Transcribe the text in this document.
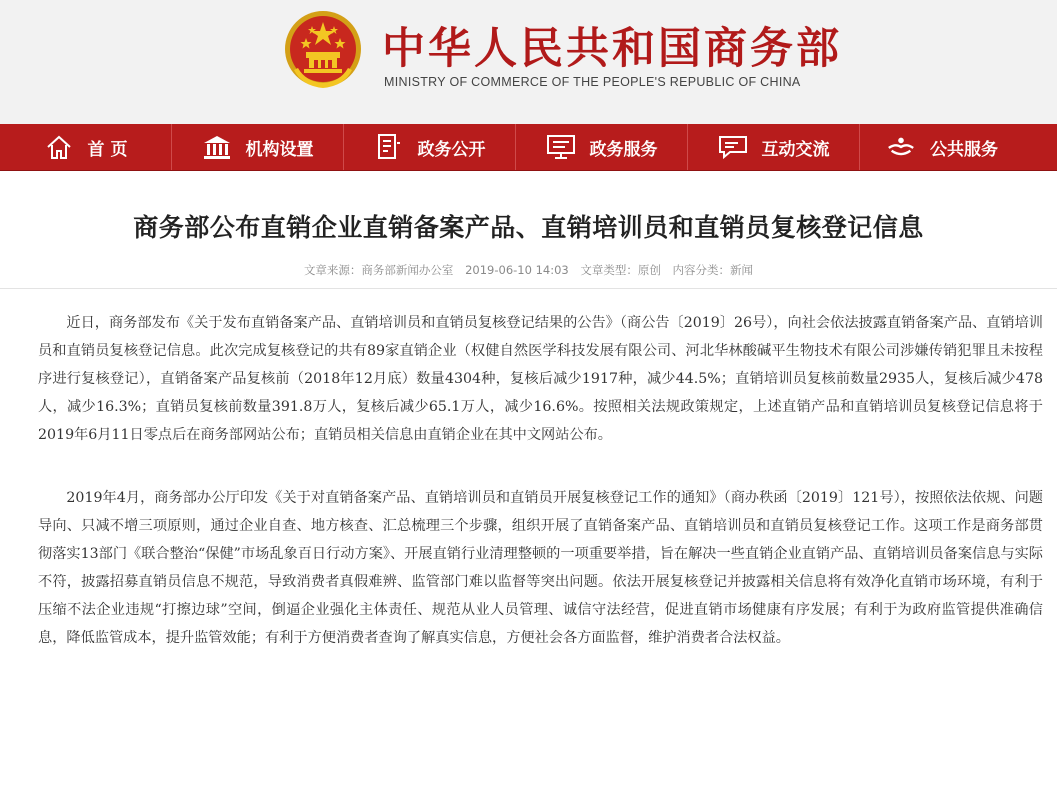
中华人民共和国商务部
MINISTRY OF COMMERCE OF THE PEOPLE'S REPUBLIC OF CHINA
首 页	机构设置	政务公开	政务服务	互动交流	公共服务
商务部公布直销企业直销备案产品、直销培训员和直销员复核登记信息
文章来源：商务部新闻办公室 2019-06-10 14:03 文章类型：原创 内容分类：新闻

近日，商务部发布《关于发布直销备案产品、直销培训员和直销员复核登记结果的公告》（商公告〔2019〕26号），向社会依法披露直销备案产品、直销培训员和直销员复核登记信息。此次完成复核登记的共有89家直销企业（权健自然医学科技发展有限公司、河北华林酸碱平生物技术有限公司涉嫌传销犯罪且未按程序进行复核登记），直销备案产品复核前（2018年12月底）数量4304种，复核后减少1917种，减少44.5%；直销培训员复核前数量2935人，复核后减少478人，减少16.3%；直销员复核前数量391.8万人，复核后减少65.1万人，减少16.6%。按照相关法规政策规定，上述直销产品和直销培训员复核登记信息将于2019年6月11日零点后在商务部网站公布；直销员相关信息由直销企业在其中文网站公布。

2019年4月，商务部办公厅印发《关于对直销备案产品、直销培训员和直销员开展复核登记工作的通知》（商办秩函〔2019〕121号），按照依法依规、问题导向、只减不增三项原则，通过企业自查、地方核查、汇总梳理三个步骤，组织开展了直销备案产品、直销培训员和直销员复核登记工作。这项工作是商务部贯彻落实13部门《联合整治“保健”市场乱象百日行动方案》、开展直销行业清理整顿的一项重要举措，旨在解决一些直销企业直销产品、直销培训员备案信息与实际不符，披露招募直销员信息不规范，导致消费者真假难辨、监管部门难以监督等突出问题。依法开展复核登记并披露相关信息将有效净化直销市场环境，有利于压缩不法企业违规“打擦边球”空间，倒逼企业强化主体责任、规范从业人员管理、诚信守法经营，促进直销市场健康有序发展；有利于为政府监管提供准确信息，降低监管成本，提升监管效能；有利于方便消费者查询了解真实信息，方便社会各方面监督，维护消费者合法权益。
